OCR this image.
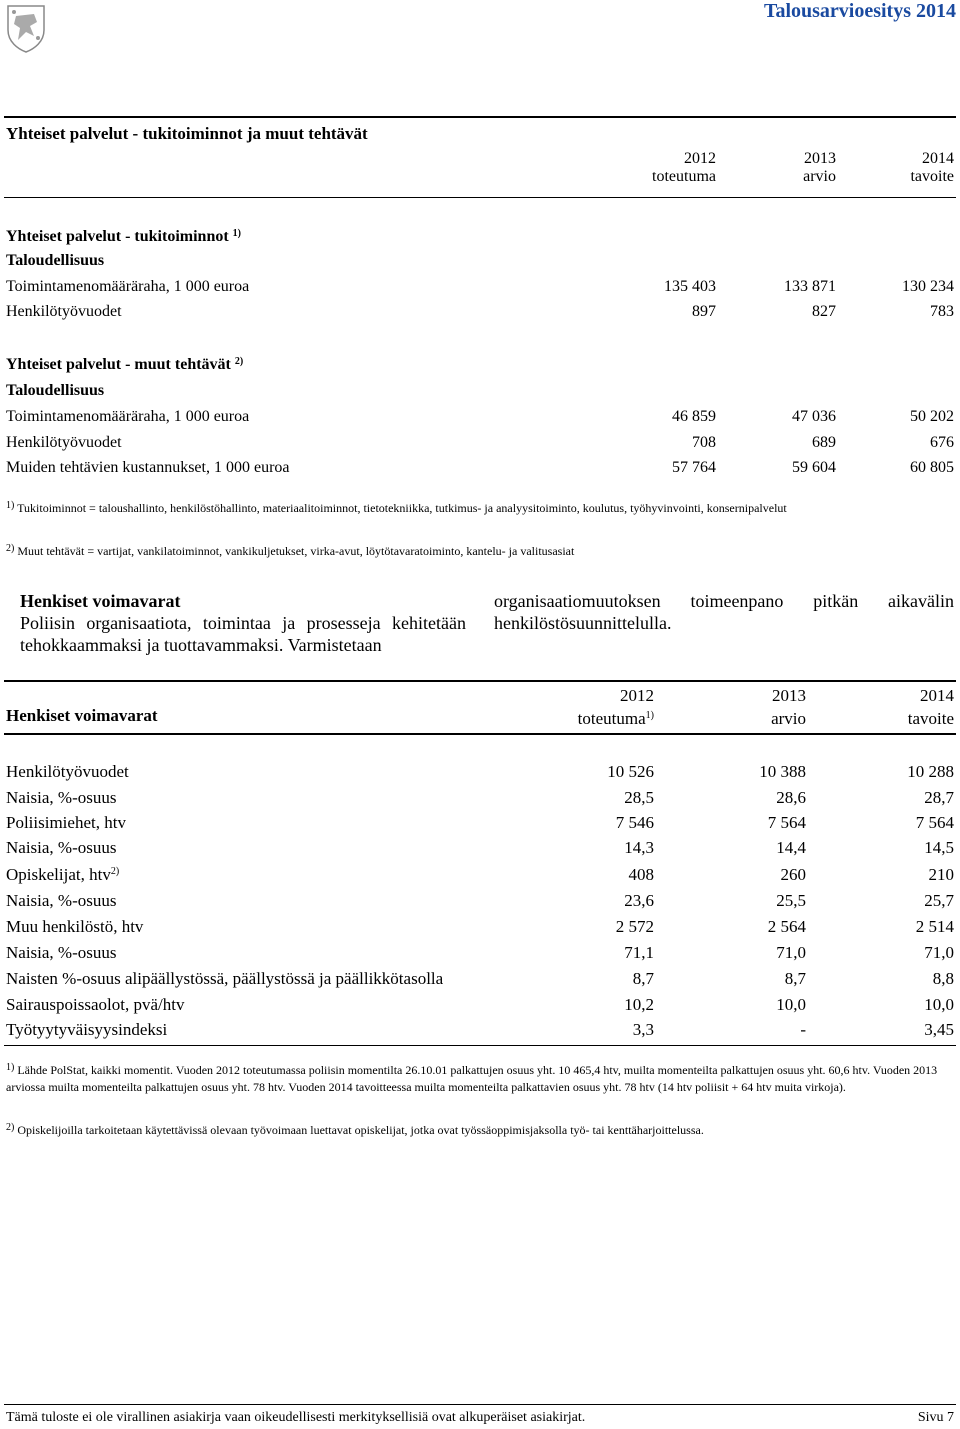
Talousarvioesitys 2014
Yhteiset palvelut - tukitoiminnot ja muut tehtävät
2012
toteutuma
2013
arvio
2014
tavoite
Yhteiset palvelut - tukitoiminnot $^{1)}$
Taloudellisuus
Toimintamenomääräraha, 1 000 euroa	135 403	133 871	130 234
Henkilötyövuodet	897	827	783
Yhteiset palvelut - muut tehtävät $^{2)}$
Taloudellisuus
Toimintamenomääräraha, 1 000 euroa	46 859	47 036	50 202
Henkilötyövuodet	708	689	676
Muiden tehtävien kustannukset, 1 000 euroa	57 764	59 604	60 805
$^{1)}$ Tukitoiminnot = taloushallinto, henkilöstöhallinto, materiaalitoiminnot, tietotekniikka, tutkimus- ja analyysitoiminto, koulutus, työhyvinvointi, konsernipalvelut
$^{2)}$ Muut tehtävät = vartijat, vankilatoiminnot, vankikuljetukset, virka-avut, löytötavaratoiminto, kantelu- ja valitusasiat
Henkiset voimavarat
Poliisin organisaatiota, toimintaa ja prosesseja kehitetään tehokkaammaksi ja tuottavammaksi. Varmistetaan
organisaatiomuutoksen toimeenpano pitkän aikavälin henkilöstösuunnittelulla.
Henkiset voimavarat
2012
toteutuma$^{1)}$
2013
arvio
2014
tavoite
Henkilötyövuodet	10 526	10 388	10 288
Naisia, %-osuus	28,5	28,6	28,7
Poliisimiehet, htv	7 546	7 564	7 564
Naisia, %-osuus	14,3	14,4	14,5
Opiskelijat, htv$^{2)}$	408	260	210
Naisia, %-osuus	23,6	25,5	25,7
Muu henkilöstö, htv	2 572	2 564	2 514
Naisia, %-osuus	71,1	71,0	71,0
Naisten %-osuus alipäällystössä, päällystössä ja päällikkötasolla	8,7	8,7	8,8
Sairauspoissaolot, pvä/htv	10,2	10,0	10,0
Työtyytyväisyysindeksi	3,3	-	3,45
$^{1)}$ Lähde PolStat, kaikki momentit. Vuoden 2012 toteutumassa poliisin momentilta 26.10.01 palkattujen osuus yht. 10 465,4 htv, muilta momenteilta palkattujen osuus yht. 60,6 htv. Vuoden 2013 arviossa muilta momenteilta palkattujen osuus yht. 78 htv. Vuoden 2014 tavoitteessa muilta momenteilta palkattavien osuus yht. 78 htv (14 htv poliisit + 64 htv muita virkoja).
$^{2)}$ Opiskelijoilla tarkoitetaan käytettävissä olevaan työvoimaan luettavat opiskelijat, jotka ovat työssäoppimisjaksolla työ- tai kenttäharjoittelussa.
Tämä tuloste ei ole virallinen asiakirja vaan oikeudellisesti merkityksellisiä ovat alkuperäiset asiakirjat.	Sivu 7
